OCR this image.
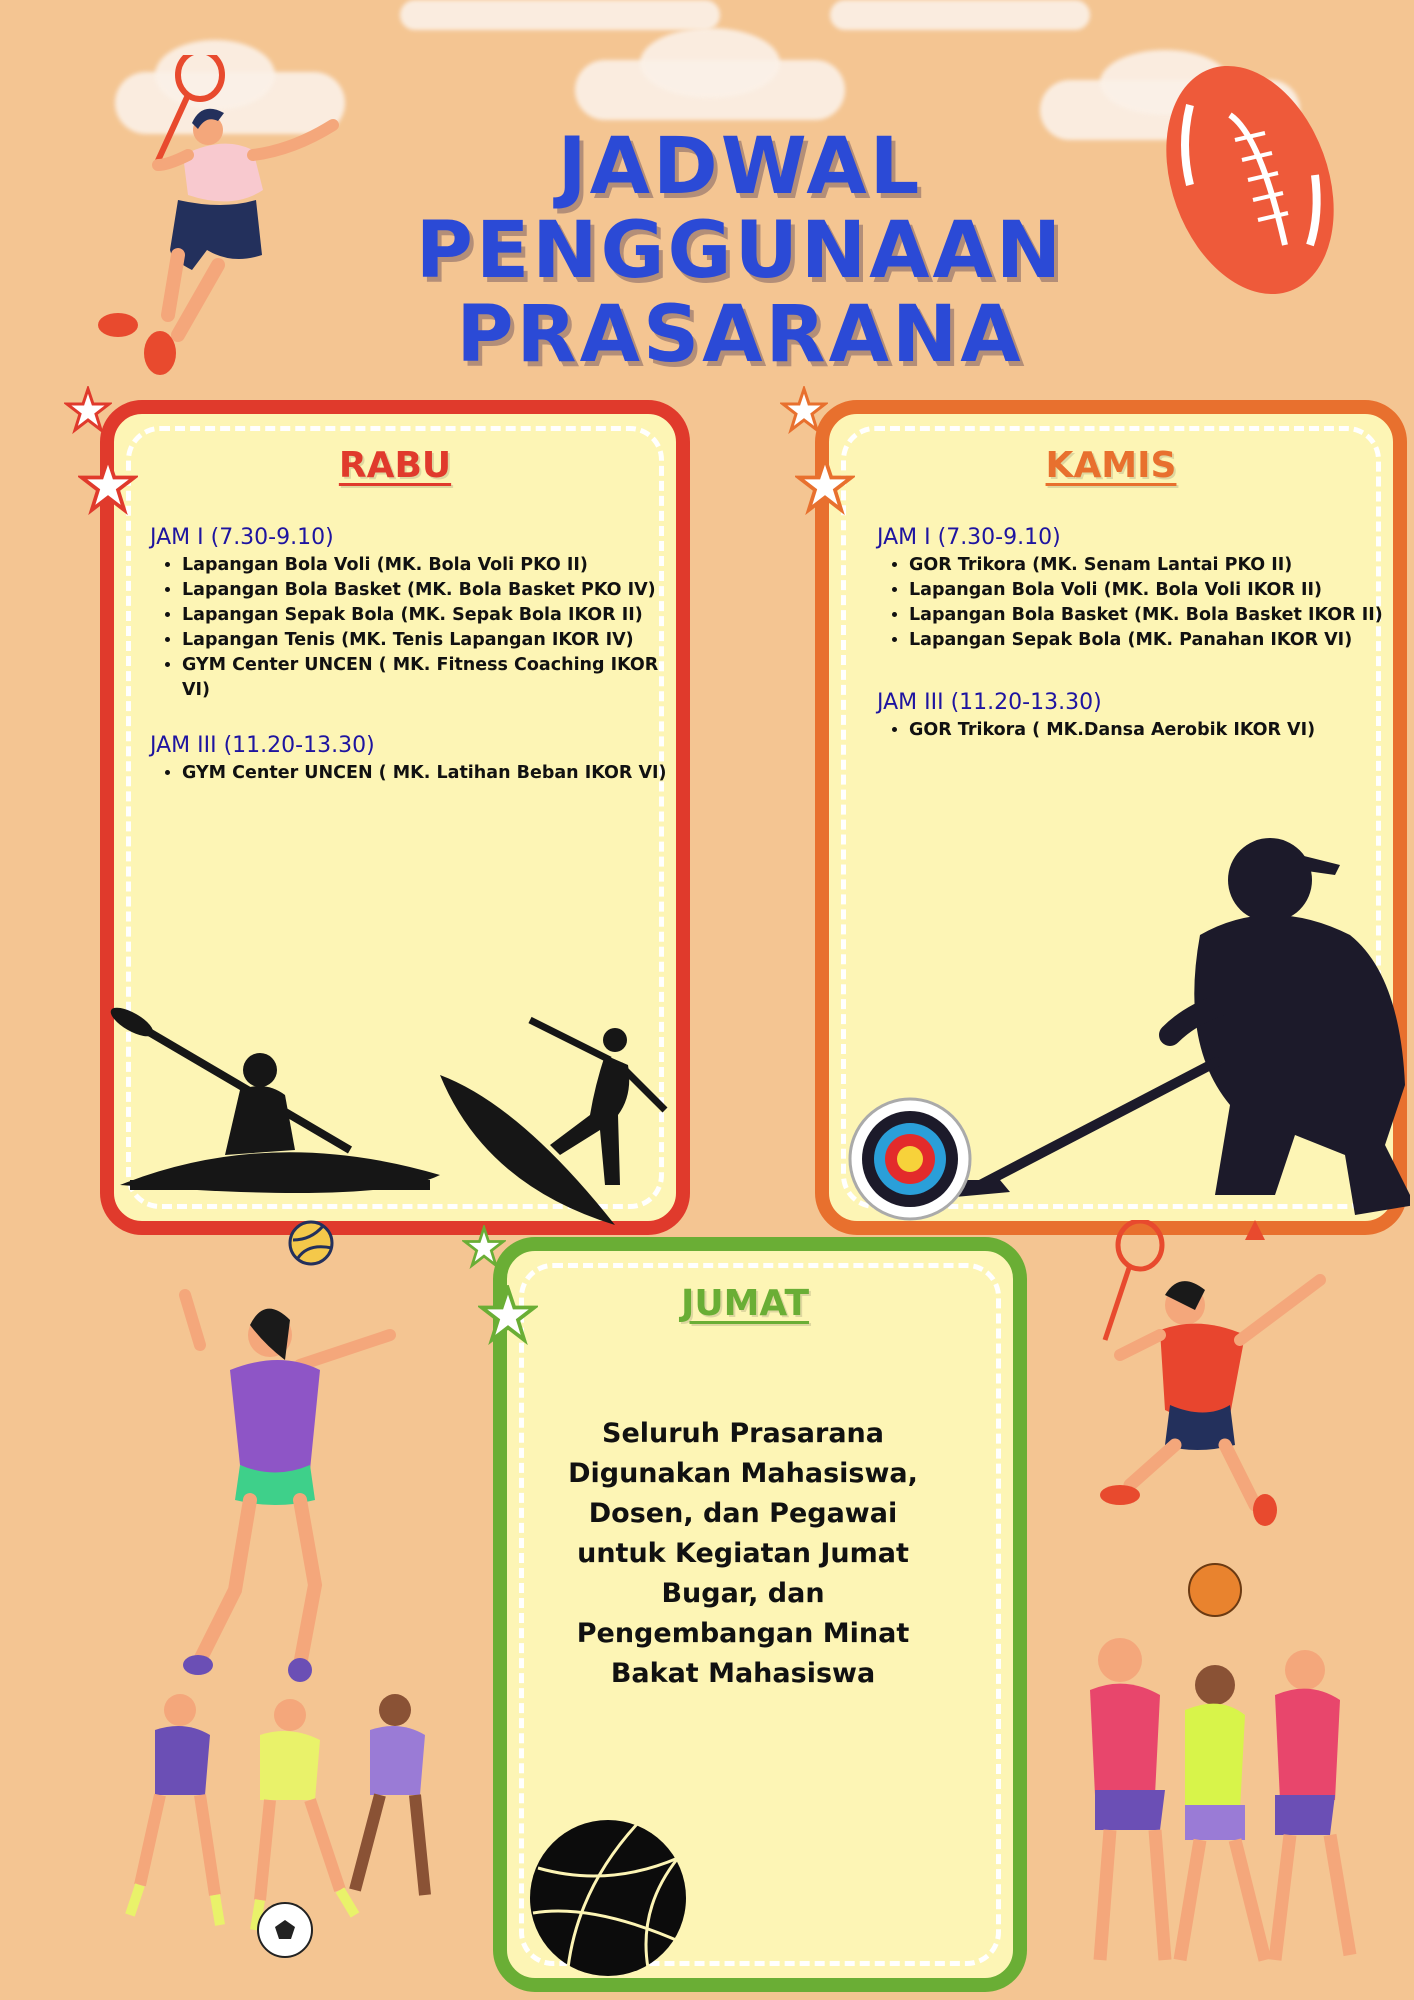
JADWAL
PENGGUNAAN
PRASARANA
RABU
JAM I (7.30-9.10)
• Lapangan Bola Voli (MK. Bola Voli PKO II)
• Lapangan Bola Basket (MK. Bola Basket PKO IV)
• Lapangan Sepak Bola (MK. Sepak Bola IKOR II)
• Lapangan Tenis (MK. Tenis Lapangan IKOR IV)
• GYM Center UNCEN ( MK. Fitness Coaching IKOR VI)
JAM III (11.20-13.30)
• GYM Center UNCEN ( MK. Latihan Beban IKOR VI)
KAMIS
JAM I (7.30-9.10)
• GOR Trikora (MK. Senam Lantai PKO II)
• Lapangan Bola Voli (MK. Bola Voli IKOR II)
• Lapangan Bola Basket (MK. Bola Basket IKOR II)
• Lapangan Sepak Bola (MK. Panahan IKOR VI)
JAM III (11.20-13.30)
• GOR Trikora ( MK.Dansa Aerobik IKOR VI)
JUMAT
Seluruh Prasarana Digunakan Mahasiswa, Dosen, dan Pegawai untuk Kegiatan Jumat Bugar, dan Pengembangan Minat Bakat Mahasiswa
